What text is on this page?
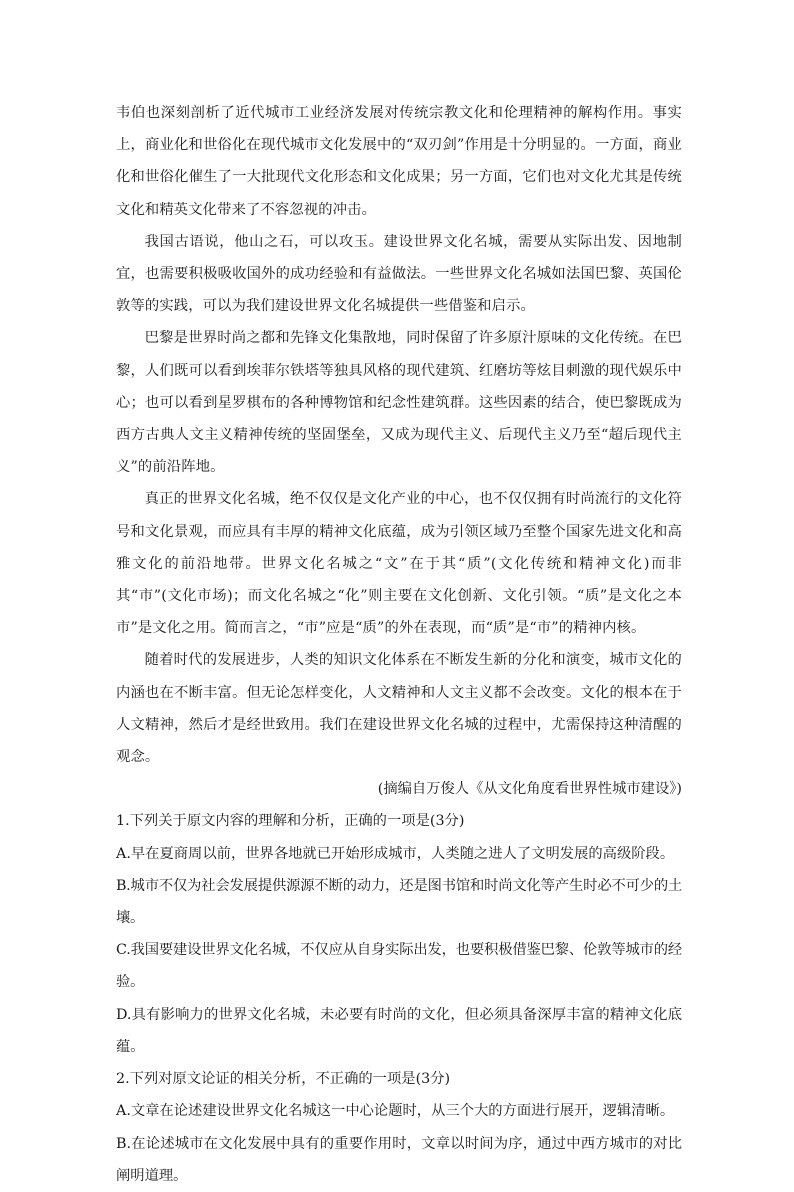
韦伯也深刻剖析了近代城市工业经济发展对传统宗教文化和伦理精神的解构作用。事实上，商业化和世俗化在现代城市文化发展中的“双刃剑”作用是十分明显的。一方面，商业化和世俗化催生了一大批现代文化形态和文化成果；另一方面，它们也对文化尤其是传统文化和精英文化带来了不容忽视的冲击。

我国古语说，他山之石，可以攻玉。建设世界文化名城，需要从实际出发、因地制宜，也需要积极吸收国外的成功经验和有益做法。一些世界文化名城如法国巴黎、英国伦敦等的实践，可以为我们建设世界文化名城提供一些借鉴和启示。

巴黎是世界时尚之都和先锋文化集散地，同时保留了许多原汁原味的文化传统。在巴黎，人们既可以看到埃菲尔铁塔等独具风格的现代建筑、红磨坊等炫目刺激的现代娱乐中心；也可以看到星罗棋布的各种博物馆和纪念性建筑群。这些因素的结合，使巴黎既成为西方古典人文主义精神传统的坚固堡垒，又成为现代主义、后现代主义乃至“超后现代主义”的前沿阵地。

真正的世界文化名城，绝不仅仅是文化产业的中心，也不仅仅拥有时尚流行的文化符号和文化景观，而应具有丰厚的精神文化底蕴，成为引领区域乃至整个国家先进文化和高雅文化的前沿地带。世界文化名城之“文”在于其“质”(文化传统和精神文化)而非其“市”(文化市场)；而文化名城之“化”则主要在文化创新、文化引领。“质”是文化之本市”是文化之用。简而言之，“市”应是“质”的外在表现，而“质”是“市”的精神内核。

随着时代的发展进步，人类的知识文化体系在不断发生新的分化和演变，城市文化的内涵也在不断丰富。但无论怎样变化，人文精神和人文主义都不会改变。文化的根本在于人文精神，然后才是经世致用。我们在建设世界文化名城的过程中，尤需保持这种清醒的观念。

(摘编自万俊人《从文化角度看世界性城市建设》)

1.下列关于原文内容的理解和分析，正确的一项是(3分)

A.早在夏商周以前，世界各地就已开始形成城市，人类随之进人了文明发展的高级阶段。

B.城市不仅为社会发展提供源源不断的动力，还是图书馆和时尚文化等产生时必不可少的土壤。

C.我国要建设世界文化名城，不仅应从自身实际出发，也要积极借鉴巴黎、伦敦等城市的经验。

D.具有影响力的世界文化名城，未必要有时尚的文化，但必须具备深厚丰富的精神文化底蕴。

2.下列对原文论证的相关分析，不正确的一项是(3分)

A.文章在论述建设世界文化名城这一中心论题时，从三个大的方面进行展开，逻辑清晰。

B.在论述城市在文化发展中具有的重要作用时，文章以时间为序，通过中西方城市的对比阐明道理。
